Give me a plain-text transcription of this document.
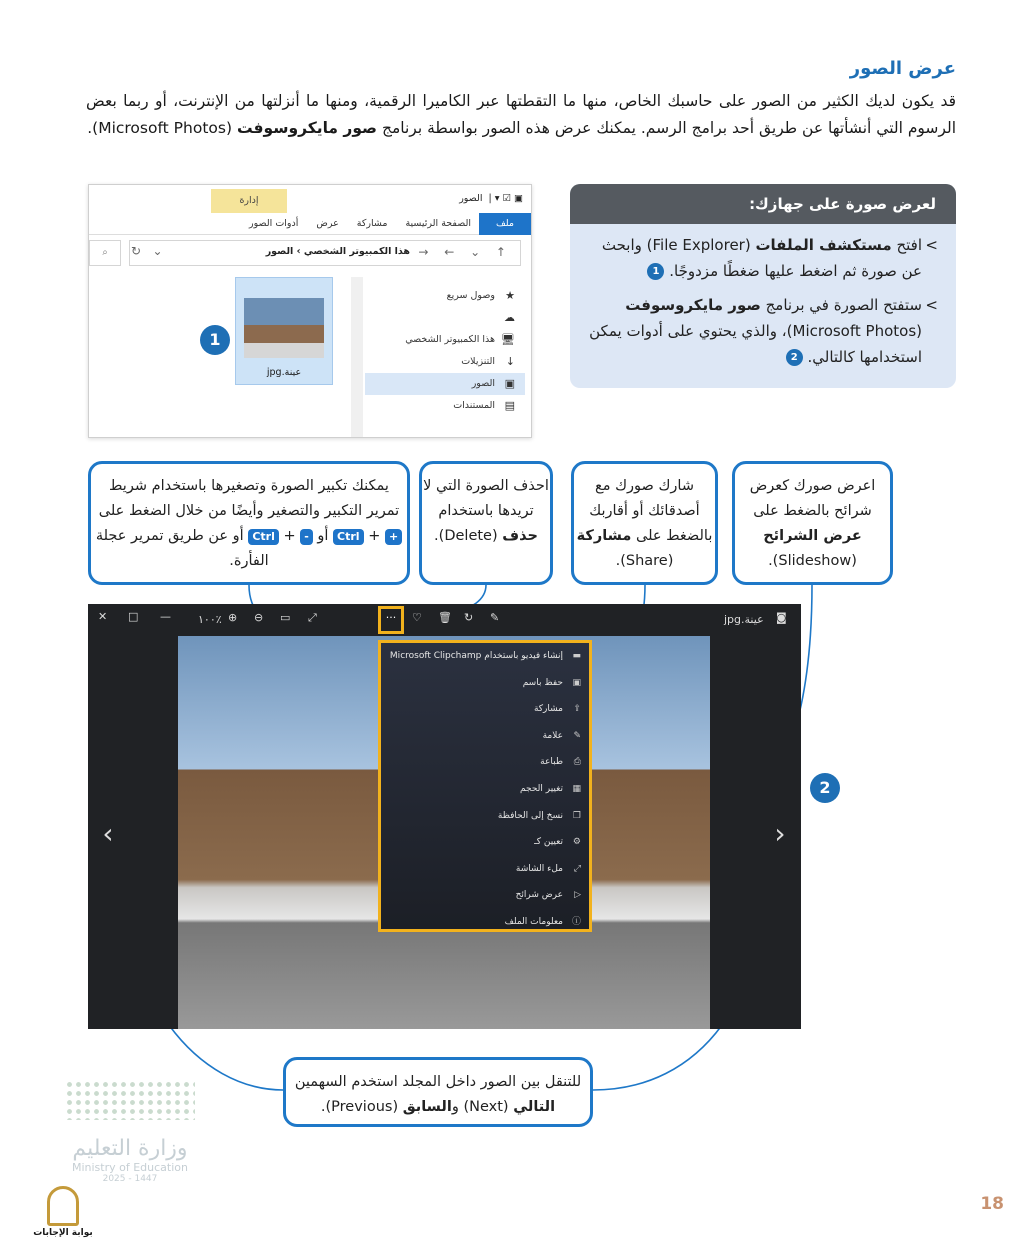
عرض الصور
قد يكون لديك الكثير من الصور على حاسبك الخاص، منها ما التقطتها عبر الكاميرا الرقمية، ومنها ما أنزلتها من الإنترنت، أو ربما بعض الرسوم التي أنشأتها عن طريق أحد برامج الرسم. يمكنك عرض هذه الصور بواسطة برنامج صور مايكروسوفت (Microsoft Photos).
▣ ☑ ▾ |
الصور
إدارة
ملف
الصفحة الرئيسية
مشاركة
عرض
أدوات الصور
⌕	↻   ⌄	→ ← ⌄ ↑
هذا الكمبيوتر الشخصي › الصور
★
وصول سريع
☁
🖥
هذا الكمبيوتر الشخصي
↓
التنزيلات
▣
الصور
▤
المستندات
عينة.jpg
1
لعرض صورة على جهازك:
> افتح مستكشف الملفات (File Explorer) وابحث عن صورة ثم اضغط عليها ضغطًا مزدوجًا. 1
> ستفتح الصورة في برنامج صور مايكروسوفت (Microsoft Photos)، والذي يحتوي على أدوات يمكن استخدامها كالتالي. 2
اعرض صورك كعرض شرائح بالضغط على
عرض الشرائح
(Slideshow).
شارك صورك مع أصدقائك أو أقاربك بالضغط على مشاركة (Share).
احذف الصورة التي لا تريدها باستخدام حذف (Delete).
يمكنك تكبير الصورة وتصغيرها باستخدام شريط تمرير التكبير والتصغير وأيضًا من خلال الضغط على + + Ctrl أو - + Ctrl أو عن طريق تمرير عجلة الفأرة.
✕ □ — ١٠٠٪ ⊕ ⊖ ▭ ⤢	♡ 🗑 ↻ ✎	عينة.jpg ◙
···
▬
إنشاء فيديو باستخدام Microsoft Clipchamp
▣
حفظ باسم
⇪
مشاركة
✎
علامة
⎙
طباعة
▦
تغيير الحجم
❐
نسخ إلى الحافظة
⚙
تعيين كـ
⤢
ملء الشاشة
▷
عرض شرائح
ⓘ
معلومات الملف
‹	›
2
للتنقل بين الصور داخل المجلد استخدم السهمين التالي (Next) والسابق (Previous).
وزارة التعليم
Ministry of Education
2025 - 1447
بوابة الإجابات
18
